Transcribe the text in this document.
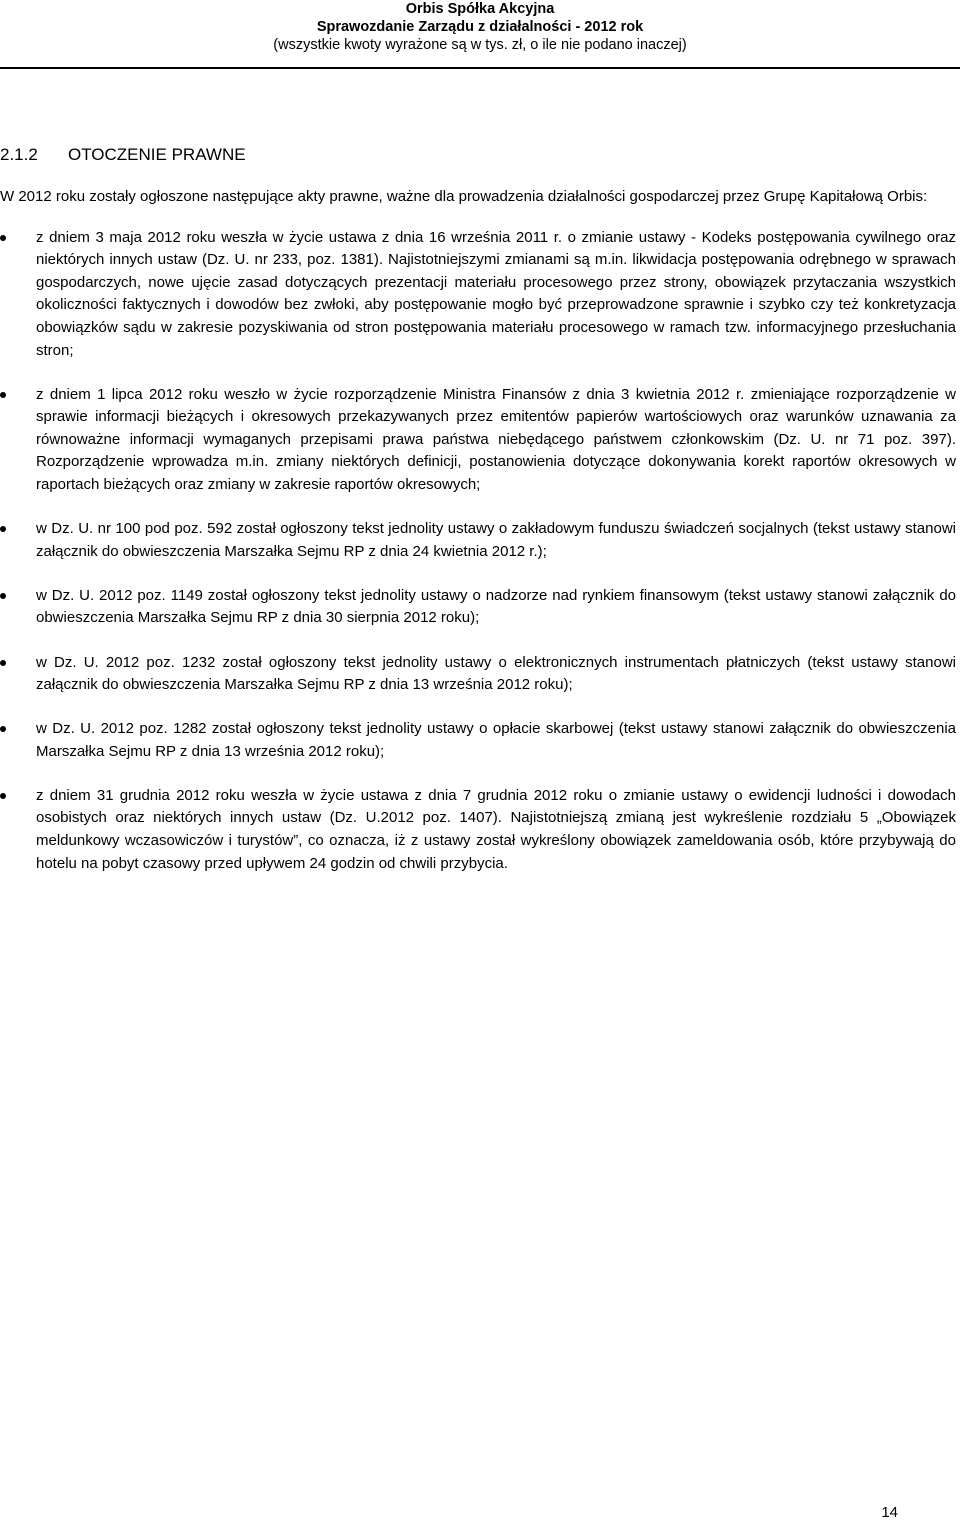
Orbis Spółka Akcyjna
Sprawozdanie Zarządu z działalności - 2012 rok
(wszystkie kwoty wyrażone są w tys. zł, o ile nie podano inaczej)
2.1.2 OTOCZENIE PRAWNE

W 2012 roku zostały ogłoszone następujące akty prawne, ważne dla prowadzenia działalności gospodarczej przez Grupę Kapitałową Orbis:

z dniem 3 maja 2012 roku weszła w życie ustawa z dnia 16 września 2011 r. o zmianie ustawy - Kodeks postępowania cywilnego oraz niektórych innych ustaw (Dz. U. nr 233, poz. 1381). Najistotniejszymi zmianami są m.in. likwidacja postępowania odrębnego w sprawach gospodarczych, nowe ujęcie zasad dotyczących prezentacji materiału procesowego przez strony, obowiązek przytaczania wszystkich okoliczności faktycznych i dowodów bez zwłoki, aby postępowanie mogło być przeprowadzone sprawnie i szybko czy też konkretyzacja obowiązków sądu w zakresie pozyskiwania od stron postępowania materiału procesowego w ramach tzw. informacyjnego przesłuchania stron;
z dniem 1 lipca 2012 roku weszło w życie rozporządzenie Ministra Finansów z dnia 3 kwietnia 2012 r. zmieniające rozporządzenie w sprawie informacji bieżących i okresowych przekazywanych przez emitentów papierów wartościowych oraz warunków uznawania za równoważne informacji wymaganych przepisami prawa państwa niebędącego państwem członkowskim (Dz. U. nr 71 poz. 397). Rozporządzenie wprowadza m.in. zmiany niektórych definicji, postanowienia dotyczące dokonywania korekt raportów okresowych w raportach bieżących oraz zmiany w zakresie raportów okresowych;
w Dz. U. nr 100 pod poz. 592 został ogłoszony tekst jednolity ustawy o zakładowym funduszu świadczeń socjalnych (tekst ustawy stanowi załącznik do obwieszczenia Marszałka Sejmu RP z dnia 24 kwietnia 2012 r.);
w Dz. U. 2012 poz. 1149 został ogłoszony tekst jednolity ustawy o nadzorze nad rynkiem finansowym (tekst ustawy stanowi załącznik do obwieszczenia Marszałka Sejmu RP z dnia 30 sierpnia 2012 roku);
w Dz. U. 2012 poz. 1232 został ogłoszony tekst jednolity ustawy o elektronicznych instrumentach płatniczych (tekst ustawy stanowi załącznik do obwieszczenia Marszałka Sejmu RP z dnia 13 września 2012 roku);
w Dz. U. 2012 poz. 1282 został ogłoszony tekst jednolity ustawy o opłacie skarbowej (tekst ustawy stanowi załącznik do obwieszczenia Marszałka Sejmu RP z dnia 13 września 2012 roku);
z dniem 31 grudnia 2012 roku weszła w życie ustawa z dnia 7 grudnia 2012 roku o zmianie ustawy o ewidencji ludności i dowodach osobistych oraz niektórych innych ustaw (Dz. U.2012 poz. 1407). Najistotniejszą zmianą jest wykreślenie rozdziału 5 „Obowiązek meldunkowy wczasowiczów i turystów”, co oznacza, iż z ustawy został wykreślony obowiązek zameldowania osób, które przybywają do hotelu na pobyt czasowy przed upływem 24 godzin od chwili przybycia.
14
